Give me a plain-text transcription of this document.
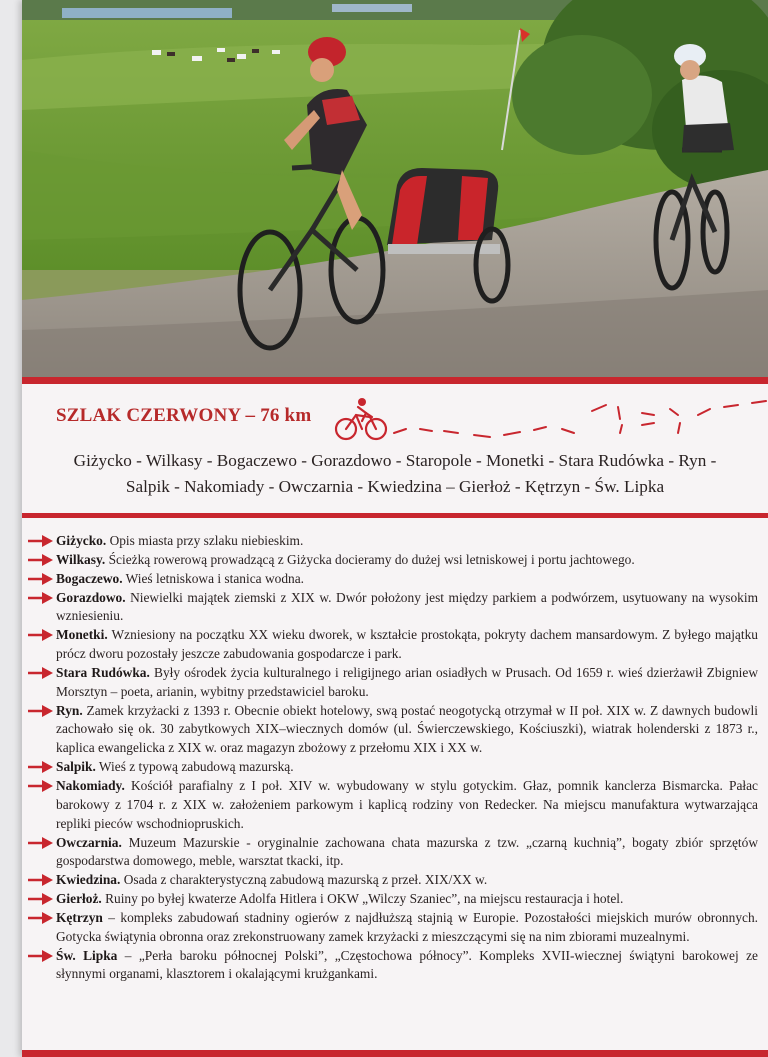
SZLAK CZERWONY – 76 km
Giżycko - Wilkasy - Bogaczewo - Gorazdowo - Staropole - Monetki - Stara Rudówka - Ryn -
Salpik - Nakomiady - Owczarnia - Kwiedzina – Gierłoż - Kętrzyn - Św. Lipka
Giżycko. Opis miasta przy szlaku niebieskim.
Wilkasy. Ścieżką rowerową prowadzącą z Giżycka docieramy do dużej wsi letniskowej i portu jachtowego.
Bogaczewo. Wieś letniskowa i stanica wodna.
Gorazdowo. Niewielki majątek ziemski z XIX w. Dwór położony jest między parkiem a podwórzem, usytuowany na wysokim wzniesieniu.
Monetki. Wzniesiony na początku XX wieku dworek, w kształcie prostokąta, pokryty dachem mansardowym. Z byłego majątku prócz dworu pozostały jeszcze zabudowania gospodarcze i park.
Stara Rudówka. Były ośrodek życia kulturalnego i religijnego arian osiadłych w Prusach. Od 1659 r. wieś dzierżawił Zbigniew Morsztyn – poeta, arianin, wybitny przedstawiciel baroku.
Ryn. Zamek krzyżacki z 1393 r. Obecnie obiekt hotelowy, swą postać neogotycką otrzymał w II poł. XIX w. Z dawnych budowli zachowało się ok. 30 zabytkowych XIX–wiecznych domów (ul. Świerczewskiego, Kościuszki), wiatrak holenderski z 1873 r., kaplica ewangelicka z XIX w. oraz magazyn zbożowy z przełomu XIX i XX w.
Salpik. Wieś z typową zabudową mazurską.
Nakomiady. Kościół parafialny z I poł. XIV w. wybudowany w stylu gotyckim. Głaz, pomnik kanclerza Bismarcka. Pałac barokowy z 1704 r. z XIX w. założeniem parkowym i kaplicą rodziny von Redecker. Na miejscu manufaktura wytwarzająca repliki pieców wschodniopruskich.
Owczarnia. Muzeum Mazurskie - oryginalnie zachowana chata mazurska z tzw. „czarną kuchnią”, bogaty zbiór sprzętów gospodarstwa domowego, meble, warsztat tkacki, itp.
Kwiedzina. Osada z charakterystyczną zabudową mazurską z przeł. XIX/XX w.
Gierłoż. Ruiny po byłej kwaterze Adolfa Hitlera i OKW „Wilczy Szaniec”, na miejscu restauracja i hotel.
Kętrzyn – kompleks zabudowań stadniny ogierów z najdłuższą stajnią w Europie. Pozostałości miejskich murów obronnych. Gotycka świątynia obronna oraz zrekonstruowany zamek krzyżacki z mieszczącymi się na nim zbiorami muzealnymi.
Św. Lipka – „Perła baroku północnej Polski”, „Częstochowa północy”. Kompleks XVII-wiecznej świątyni barokowej ze słynnymi organami, klasztorem i okalającymi krużgankami.
